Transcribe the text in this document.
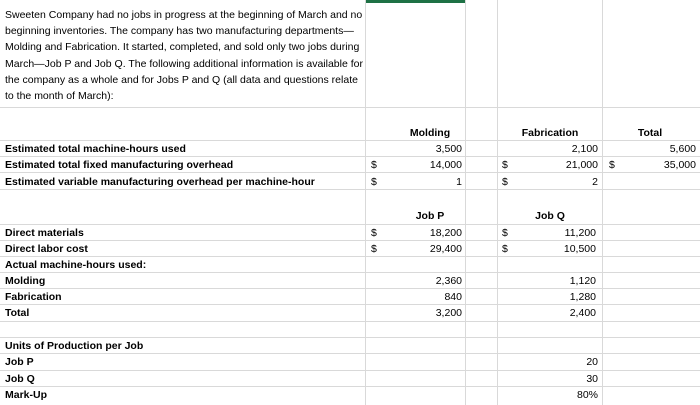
Sweeten Company had no jobs in progress at the beginning of March and no beginning inventories. The company has two manufacturing departments—Molding and Fabrication. It started, completed, and sold only two jobs during March—Job P and Job Q. The following additional information is available for the company as a whole and for Jobs P and Q (all data and questions relate to the month of March):
Molding	Fabrication	Total
Estimated total machine-hours used	3,500	2,100	5,600
Estimated total fixed manufacturing overhead	$	14,000	$	21,000 $	35,000
Estimated variable manufacturing overhead per machine-hour	$	1	$	2
Job P	Job Q
Direct materials	$	18,200	$	11,200
Direct labor cost	$	29,400	$	10,500
Actual machine-hours used:
Molding	2,360	1,120
Fabrication	840	1,280
Total	3,200	2,400
Units of Production per Job
Job P	20
Job Q	30
Mark-Up	80%
